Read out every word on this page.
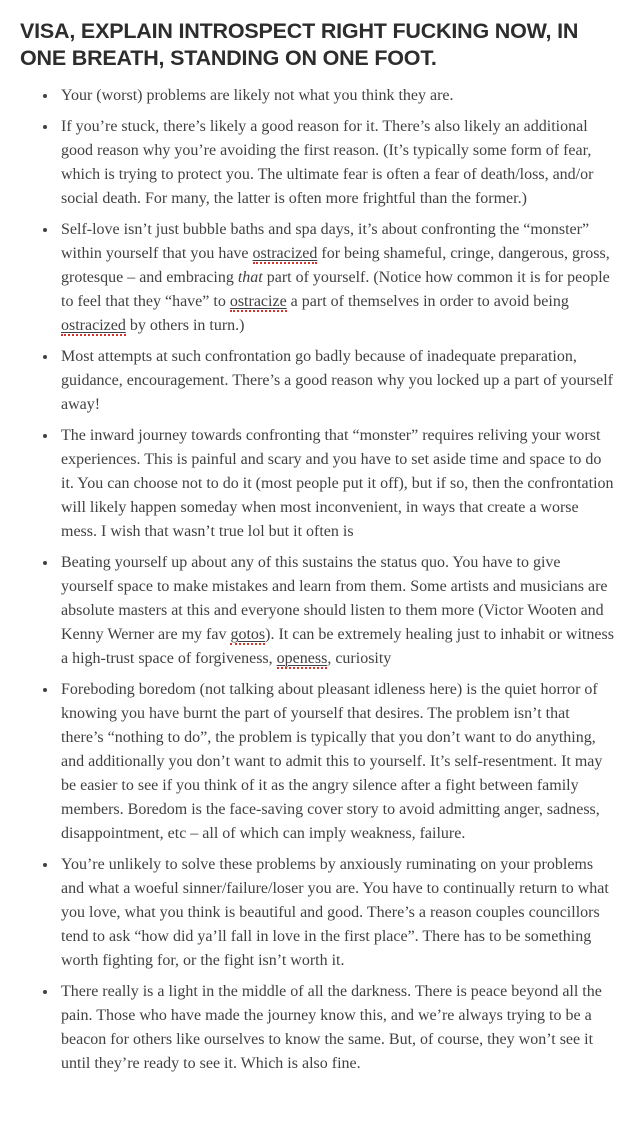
VISA, EXPLAIN INTROSPECT RIGHT FUCKING NOW, IN ONE BREATH, STANDING ON ONE FOOT.
• Your (worst) problems are likely not what you think they are.
• If you’re stuck, there’s likely a good reason for it. There’s also likely an additional good reason why you’re avoiding the first reason. (It’s typically some form of fear, which is trying to protect you. The ultimate fear is often a fear of death/loss, and/or social death. For many, the latter is often more frightful than the former.)
• Self-love isn’t just bubble baths and spa days, it’s about confronting the “monster” within yourself that you have ostracized for being shameful, cringe, dangerous, gross, grotesque – and embracing that part of yourself. (Notice how common it is for people to feel that they “have” to ostracize a part of themselves in order to avoid being ostracized by others in turn.)
• Most attempts at such confrontation go badly because of inadequate preparation, guidance, encouragement. There’s a good reason why you locked up a part of yourself away!
• The inward journey towards confronting that “monster” requires reliving your worst experiences. This is painful and scary and you have to set aside time and space to do it. You can choose not to do it (most people put it off), but if so, then the confrontation will likely happen someday when most inconvenient, in ways that create a worse mess. I wish that wasn’t true lol but it often is
• Beating yourself up about any of this sustains the status quo. You have to give yourself space to make mistakes and learn from them. Some artists and musicians are absolute masters at this and everyone should listen to them more (Victor Wooten and Kenny Werner are my fav gotos). It can be extremely healing just to inhabit or witness a high-trust space of forgiveness, openess, curiosity
• Foreboding boredom (not talking about pleasant idleness here) is the quiet horror of knowing you have burnt the part of yourself that desires. The problem isn’t that there’s “nothing to do”, the problem is typically that you don’t want to do anything, and additionally you don’t want to admit this to yourself. It’s self-resentment. It may be easier to see if you think of it as the angry silence after a fight between family members. Boredom is the face-saving cover story to avoid admitting anger, sadness, disappointment, etc – all of which can imply weakness, failure.
• You’re unlikely to solve these problems by anxiously ruminating on your problems and what a woeful sinner/failure/loser you are. You have to continually return to what you love, what you think is beautiful and good. There’s a reason couples councillors tend to ask “how did ya’ll fall in love in the first place”. There has to be something worth fighting for, or the fight isn’t worth it.
• There really is a light in the middle of all the darkness. There is peace beyond all the pain. Those who have made the journey know this, and we’re always trying to be a beacon for others like ourselves to know the same. But, of course, they won’t see it until they’re ready to see it. Which is also fine.
